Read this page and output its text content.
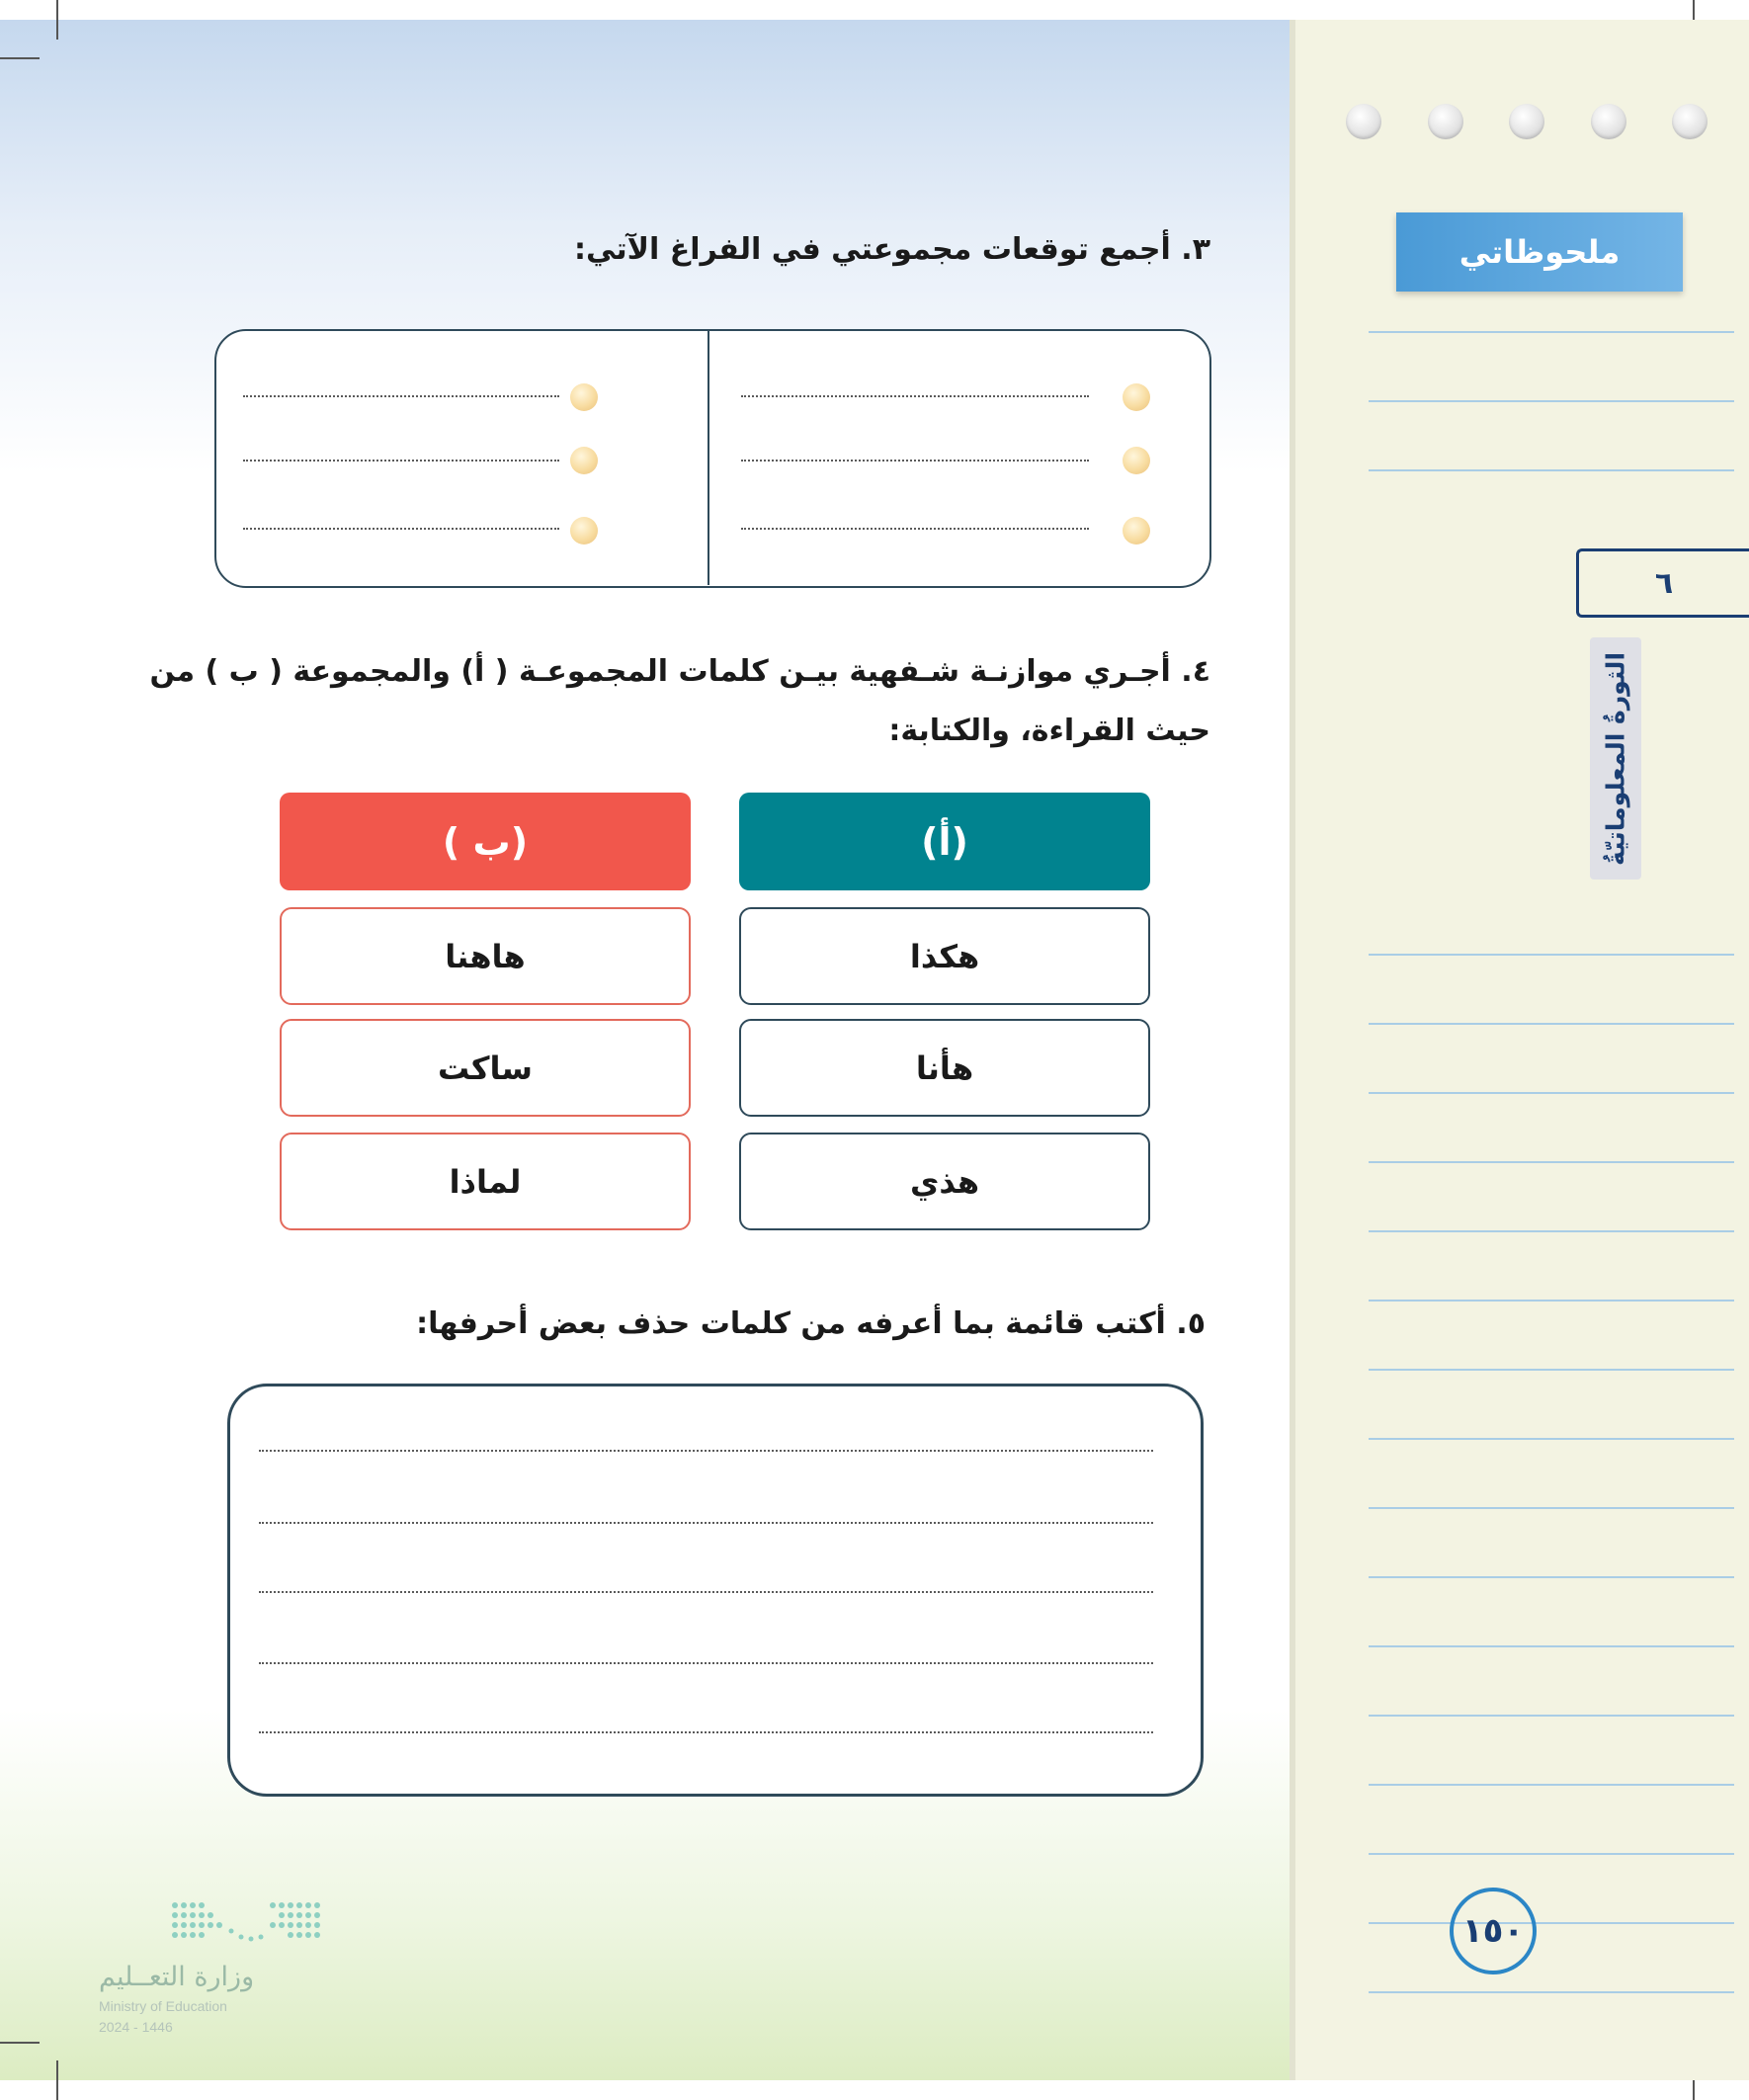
ملحوظاتي
٦
الثورةُ المعلوماتيّةُ
١٥٠
٣. أجمع توقعات مجموعتي في الفراغ الآتي:
٤. أجـري موازنـة شـفهية بيـن كلمات المجموعـة ( أ) والمجموعة ( ب ) من
حيث القراءة، والكتابة:
(أ)
( ب)
هكذا
هأنا
هذي
هاهنا
ساكت
لماذا
٥. أكتب قائمة بما أعرفه من كلمات حذف بعض أحرفها:
وزارة التعــليم
Ministry of Education
2024 - 1446
